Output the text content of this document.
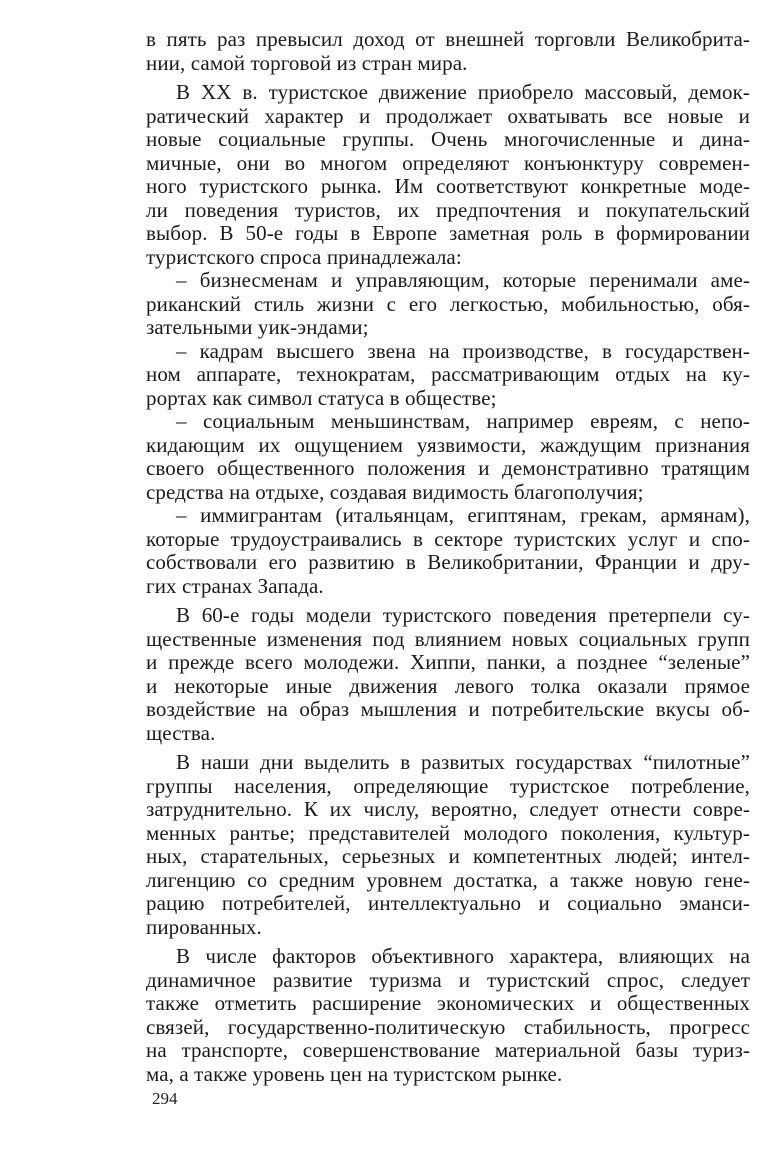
в пять раз превысил доход от внешней торговли Великобрита-
нии, самой торговой из стран мира.
В XX в. туристское движение приобрело массовый, демок-
ратический характер и продолжает охватывать все новые и
новые социальные группы. Очень многочисленные и дина-
мичные, они во многом определяют конъюнктуру современ-
ного туристского рынка. Им соответствуют конкретные моде-
ли поведения туристов, их предпочтения и покупательский
выбор. В 50-е годы в Европе заметная роль в формировании
туристского спроса принадлежала:
– бизнесменам и управляющим, которые перенимали аме-
риканский стиль жизни с его легкостью, мобильностью, обя-
зательными уик-эндами;
– кадрам высшего звена на производстве, в государствен-
ном аппарате, технократам, рассматривающим отдых на ку-
рортах как символ статуса в обществе;
– социальным меньшинствам, например евреям, с непо-
кидающим их ощущением уязвимости, жаждущим признания
своего общественного положения и демонстративно тратящим
средства на отдыхе, создавая видимость благополучия;
– иммигрантам (итальянцам, египтянам, грекам, армянам),
которые трудоустраивались в секторе туристских услуг и спо-
собствовали его развитию в Великобритании, Франции и дру-
гих странах Запада.
В 60-е годы модели туристского поведения претерпели су-
щественные изменения под влиянием новых социальных групп
и прежде всего молодежи. Хиппи, панки, а позднее “зеленые”
и некоторые иные движения левого толка оказали прямое
воздействие на образ мышления и потребительские вкусы об-
щества.
В наши дни выделить в развитых государствах “пилотные”
группы населения, определяющие туристское потребление,
затруднительно. К их числу, вероятно, следует отнести совре-
менных рантье; представителей молодого поколения, культур-
ных, старательных, серьезных и компетентных людей; интел-
лигенцию со средним уровнем достатка, а также новую гене-
рацию потребителей, интеллектуально и социально эманси-
пированных.
В числе факторов объективного характера, влияющих на
динамичное развитие туризма и туристский спрос, следует
также отметить расширение экономических и общественных
связей, государственно-политическую стабильность, прогресс
на транспорте, совершенствование материальной базы туриз-
ма, а также уровень цен на туристском рынке.
294
